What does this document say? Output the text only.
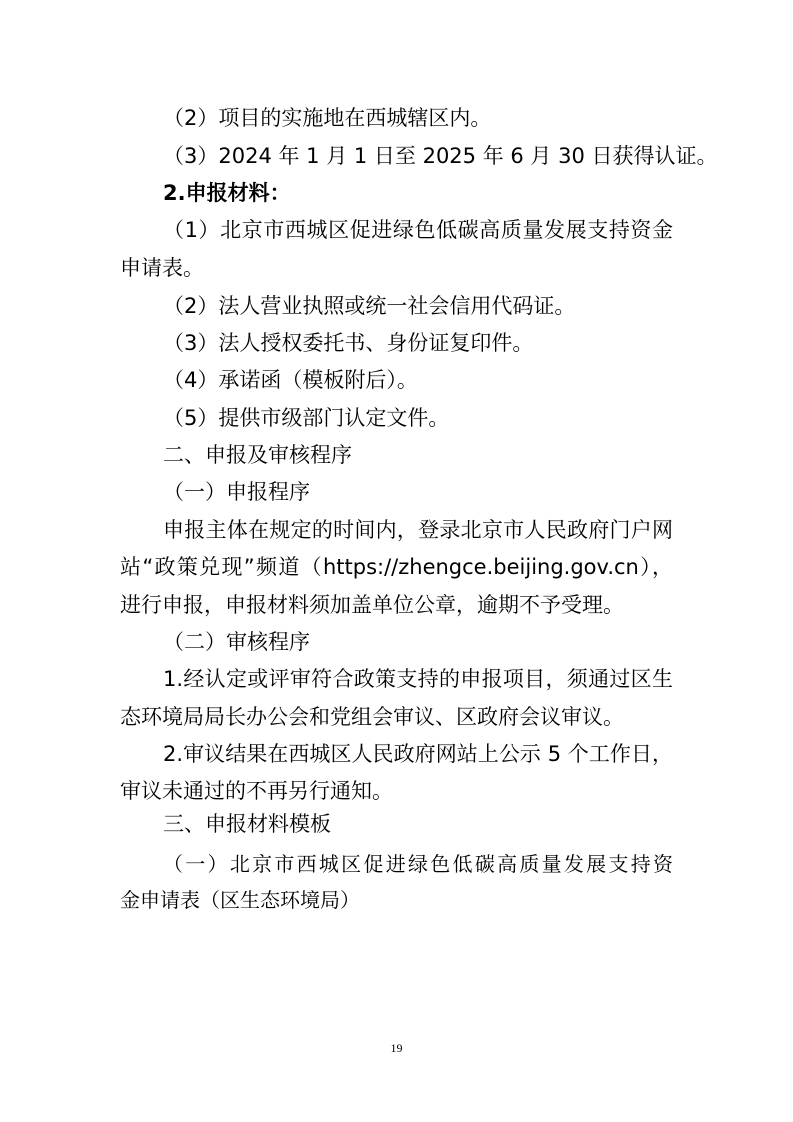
（2）项目的实施地在西城辖区内。
（3）2024 年 1 月 1 日至 2025 年 6 月 30 日获得认证。
2.申报材料：
（1）北京市西城区促进绿色低碳高质量发展支持资金
申请表。
（2）法人营业执照或统一社会信用代码证。
（3）法人授权委托书、身份证复印件。
（4）承诺函（模板附后）。
（5）提供市级部门认定文件。
二、申报及审核程序
（一）申报程序
申报主体在规定的时间内，登录北京市人民政府门户网
站“政策兑现”频道（https://zhengce.beijing.gov.cn），
进行申报，申报材料须加盖单位公章，逾期不予受理。
（二）审核程序
1.经认定或评审符合政策支持的申报项目，须通过区生
态环境局局长办公会和党组会审议、区政府会议审议。
2.审议结果在西城区人民政府网站上公示 5 个工作日，
审议未通过的不再另行通知。
三、申报材料模板
（一）北京市西城区促进绿色低碳高质量发展支持资
金申请表（区生态环境局）
19
